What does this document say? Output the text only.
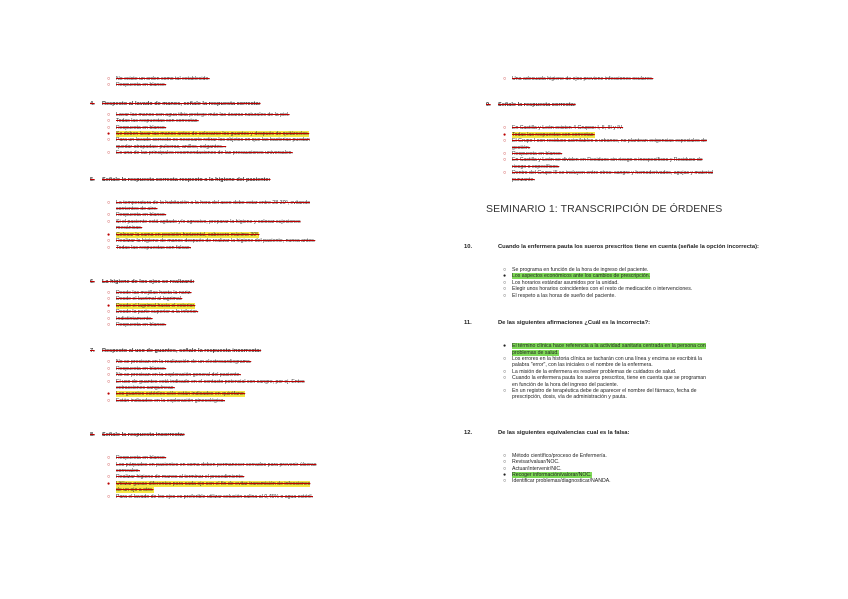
○ No existe un orden como tal establecido.
○ Respuesta en blanco.
4. Respecto al lavado de manos, señale la respuesta correcta:
○ Lavar las manos con agua tibia protege más las ácaras naturales de la piel.
○ Todas las respuestas son correctas.
○ Respuesta en blanco.
● Se deben lavar las manos antes de colocarse los guantes y después de quitárselos.
○ Para un lavado correcto es necesario retirar los objetos en que las bacterias puedan
quedar atrapadas: pulseras, anillos, colgantes...
○ Es una de las principales recomendaciones de las precauciones universales.
5. Señale la respuesta correcta respecto a la higiene del paciente:
○ La temperatura de la habitación a la hora del aseo debe estar entre 28-30º, evitando
corrientes de aire.
○ Respuesta en blanco.
○ Si el paciente está agitado y/o agresivo, preparar la higiene y colocar sujeciones
mecánicas.
● Colocar la cama en posición horizontal, cabecero máximo 30º.
○ Realizar la higiene de manos después de realizar la higiene del paciente, nunca antes.
○ Todas las respuestas son falsas.
6. La higiene de los ojos se realizará:
○ Desde las mejillas hasta la nariz.
○ Desde el lacrimal al lagrimal.
● Desde el lagrimal hacia el exterior.
○ Desde la parte superior a la inferior.
○ Indistintamente.
○ Respuesta en blanco.
7. Respecto al uso de guantes, señale la respuesta incorrecta:
○ No se precisan en la realización de un electrocardiograma.
○ Respuesta en blanco.
○ No se precisan en la exploración general del paciente.
○ El uso de guantes está indicado en el contacto potencial con sangre, por ej. Entes
extracciones sanguíneas.
● Los guantes estériles sólo están indicados en quirófano.
○ Están indicados en la exploración ginecológica.
8. Señale la respuesta incorrecta:
○ Respuesta en blanco.
○ Los párpados en pacientes en coma deben permanecer cerrados para prevenir úlceras
corneales.
○ Realizar higiene de manos al terminar el procedimiento.
● Utilizar gasas diferentes para cada ojo con el fin de evitar transmisión de infecciones
de un ojo a otro.
○ Para el lavado de los ojos es preferible utilizar solución salina al 0,45% o agua estéril.
○ Una adecuada higiene de ojos previene infecciones oculares.
9. Señale la respuesta correcta:
○ En Castilla y León existen 4 Grupos: I, II, III y IV.
● Todas las respuestas son correctas.
○ El Grupo I son residuos asimilables a urbanos, no plantean exigencias especiales de
gestión.
○ Respuesta en blanco.
○ En Castilla y León se dividen en Residuos sin riesgo o inespecíficos y Residuos de
riesgo o específicos.
○ Dentro del Grupo III se incluyen entre otros: sangre y hemoderivados, agujas y material
punzante.
SEMINARIO 1: TRANSCRIPCIÓN DE ÓRDENES
10.	Cuando la enfermera pauta los sueros prescritos tiene en cuenta (señale la opción incorrecta):
○ Se programa en función de la hora de ingreso del paciente.
● Los aspectos económicos ante los cambios de prescripción.
○ Los horarios estándar asumidos por la unidad.
○ Elegir unos horarios coincidentes con el resto de medicación o intervenciones.
○ El respeto a las horas de sueño del paciente.
11.	De las siguientes afirmaciones ¿Cuál es la incorrecta?:
● El término clínica hace referencia a la actividad sanitaria centrada en la persona con
problemas de salud.
○ Los errores en la historia clínica se tacharán con una línea y encima se escribirá la
palabra "error", con las iniciales o el nombre de la enfermera.
○ La misión de la enfermera es resolver problemas de cuidados de salud.
○ Cuando la enfermera pauta los sueros prescritos, tiene en cuenta que se programan
en función de la hora del ingreso del paciente.
○ En un registro de terapéutica debe de aparecer el nombre del fármaco, fecha de
prescripción, dosis, vía de administración y pauta.
12.	De las siguientes equivalencias cual es la falsa:
○ Método científico/proceso de Enfermería.
○ Revisar/valuar/NOC.
○ Actuar/intervenir/NIC.
● Recoger información/valorar/NOC.
○ Identificar problemas/diagnosticar/NANDA.
